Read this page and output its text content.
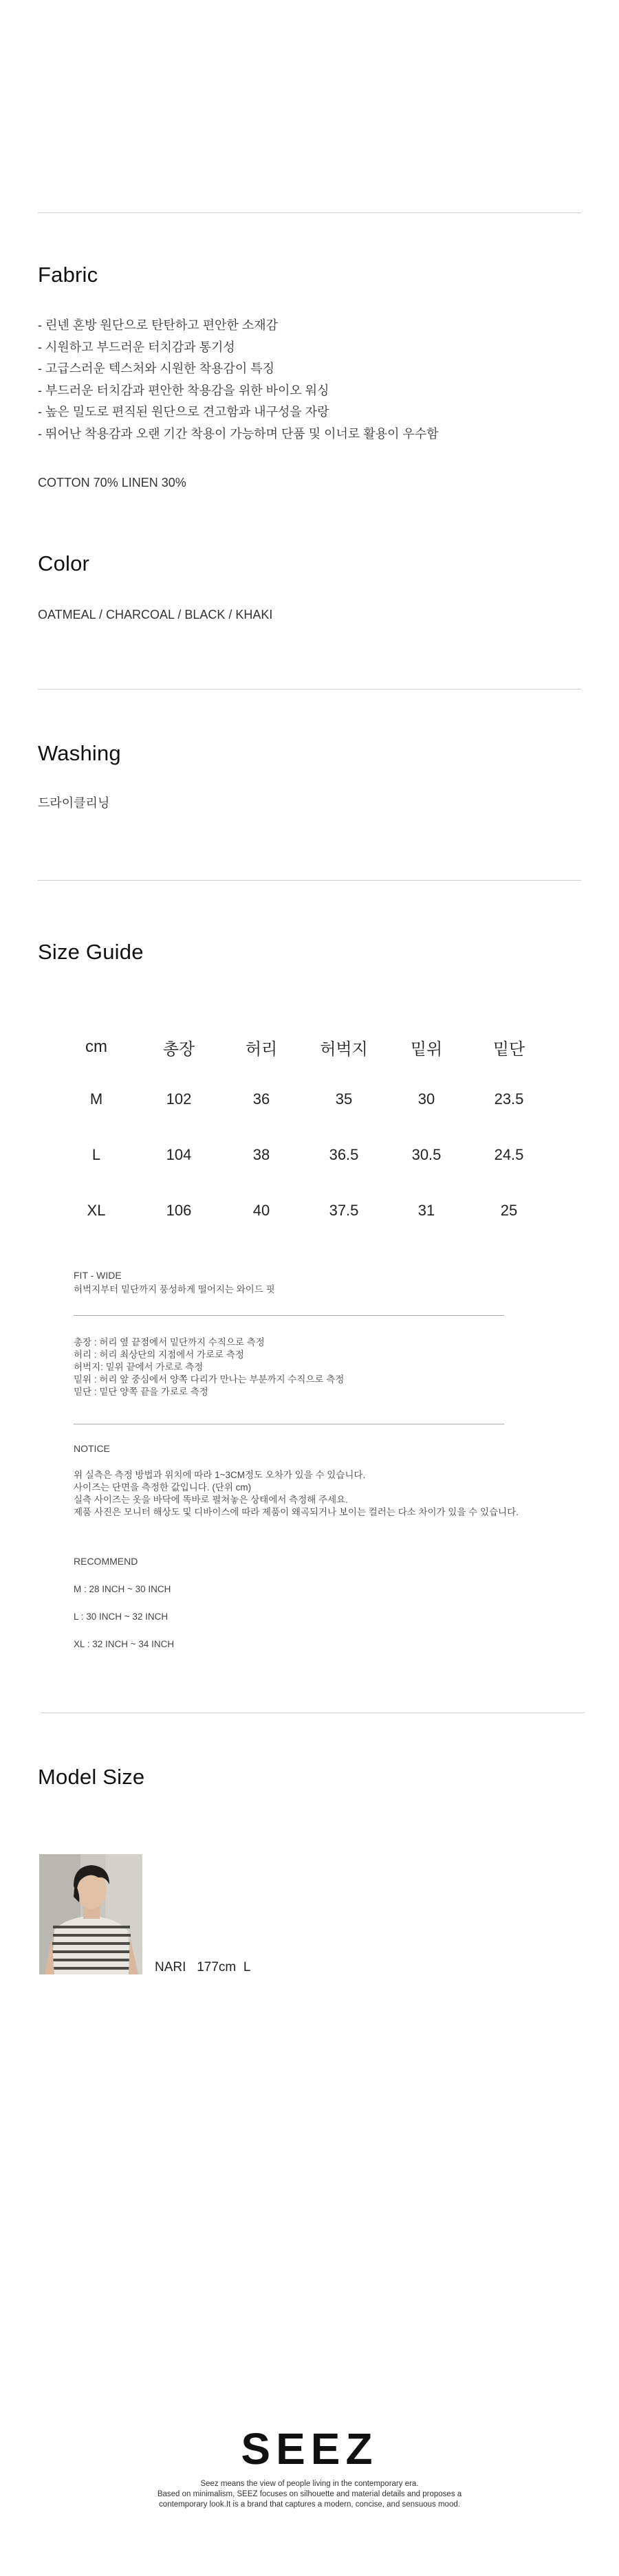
Fabric
- 린넨 혼방 원단으로 탄탄하고 편안한 소재감
- 시원하고 부드러운 터치감과 통기성
- 고급스러운 텍스처와 시원한 착용감이 특징
- 부드러운 터치감과 편안한 착용감을 위한 바이오 워싱
- 높은 밀도로 편직된 원단으로 견고함과 내구성을 자랑
- 뛰어난 착용감과 오랜 기간 착용이 가능하며 단품 및 이너로 활용이 우수함
COTTON 70% LINEN 30%
Color
OATMEAL / CHARCOAL / BLACK / KHAKI
Washing
드라이클리닝
Size Guide
cm	총장	허리	허벅지	밑위	밑단
M	102	36	35	30	23.5
L	104	38	36.5	30.5	24.5
XL	106	40	37.5	31	25
FIT - WIDE
허벅지부터 밑단까지 풍성하게 떨어지는 와이드 핏
총장 : 허리 옆 끝점에서 밑단까지 수직으로 측정
허리 : 허리 최상단의 지점에서 가로로 측정
허벅지: 밑위 끝에서 가로로 측정
밑위 : 허리 앞 중심에서 양쪽 다리가 만나는 부분까지 수직으로 측정
밑단 : 밑단 양쪽 끝을 가로로 측정
NOTICE
위 실측은 측정 방법과 위치에 따라 1~3CM정도 오차가 있을 수 있습니다.
사이즈는 단면을 측정한 값입니다. (단위 cm)
실측 사이즈는 옷을 바닥에 똑바로 펼쳐놓은 상태에서 측정해 주세요.
제품 사진은 모니터 해상도 및 디바이스에 따라 제품이 왜곡되거나 보이는 컬러는 다소 차이가 있을 수 있습니다.
RECOMMEND
M : 28 INCH ~ 30 INCH
L : 30 INCH ~ 32 INCH
XL : 32 INCH ~ 34 INCH
Model Size
NARI   177cm  L
SEEZ
Seez means the view of people living in the contemporary era.
Based on minimalism, SEEZ focuses on silhouette and material details and proposes a
contemporary look.It is a brand that captures a modern, concise, and sensuous mood.
